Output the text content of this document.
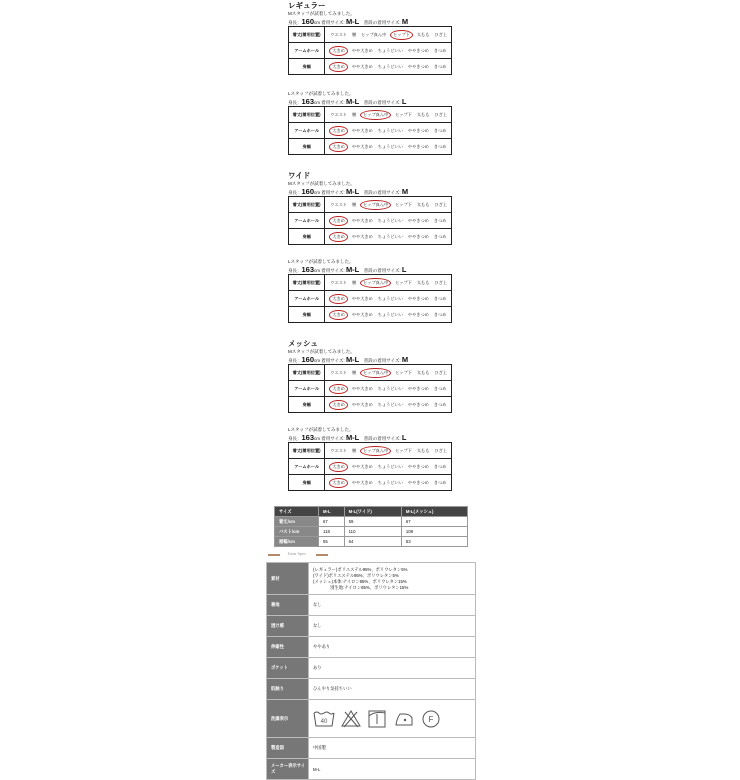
レギュラー
Mスタッフが試着してみました。
身長：160cm 着用サイズ: M-L　 普段の着用サイズ: M
着丈(着用位置)	ウエスト 腰 ヒップ真ん中 ヒップ下 太もも ひざ上
アームホール	大きめ やや大きめ ちょうどいい ややきつめ きつめ
身幅	大きめ やや大きめ ちょうどいい ややきつめ きつめ
Lスタッフが試着してみました。
身長：163cm 着用サイズ: M-L　 普段の着用サイズ: L
着丈(着用位置)	ウエスト 腰 ヒップ真ん中 ヒップ下 太もも ひざ上
アームホール	大きめ やや大きめ ちょうどいい ややきつめ きつめ
身幅	大きめ やや大きめ ちょうどいい ややきつめ きつめ
ワイド
Mスタッフが試着してみました。
身長：160cm 着用サイズ: M-L　 普段の着用サイズ: M
着丈(着用位置)	ウエスト 腰 ヒップ真ん中 ヒップ下 太もも ひざ上
アームホール	大きめ やや大きめ ちょうどいい ややきつめ きつめ
身幅	大きめ やや大きめ ちょうどいい ややきつめ きつめ
Lスタッフが試着してみました。
身長：163cm 着用サイズ: M-L　 普段の着用サイズ: L
着丈(着用位置)	ウエスト 腰 ヒップ真ん中 ヒップ下 太もも ひざ上
アームホール	大きめ やや大きめ ちょうどいい ややきつめ きつめ
身幅	大きめ やや大きめ ちょうどいい ややきつめ きつめ
メッシュ
Mスタッフが試着してみました。
身長：160cm 着用サイズ: M-L　 普段の着用サイズ: M
着丈(着用位置)	ウエスト 腰 ヒップ真ん中 ヒップ下 太もも ひざ上
アームホール	大きめ やや大きめ ちょうどいい ややきつめ きつめ
身幅	大きめ やや大きめ ちょうどいい ややきつめ きつめ
Lスタッフが試着してみました。
身長：163cm 着用サイズ: M-L　 普段の着用サイズ: L
着丈(着用位置)	ウエスト 腰 ヒップ真ん中 ヒップ下 太もも ひざ上
アームホール	大きめ やや大きめ ちょうどいい ややきつめ きつめ
身幅	大きめ やや大きめ ちょうどいい ややきつめ きつめ
サイズ	M-L	M-L(ワイド)	M-L(メッシュ)
着丈/cm	67	59	67
バスト/cm	118	110	108
裾幅/cm	55	64	53
Item Spec.
素材	(レギュラー)ポリエステル95%、ポリウレタン5%
(ワイド)ポリエステル95%、ポリウレタン5%
(メッシュ)本体:ナイロン85%、ポリウレタン15%
　　　　別生地:ナイロン85%、ポリウレタン15%

裏地	なし
透け感	なし
伸縮性	ややあり
ポケット	あり
肌触り	ひんやり気持ちいい
洗濯表示	40 F

製造国	中国製
メーカー表示サイズ	M-L
